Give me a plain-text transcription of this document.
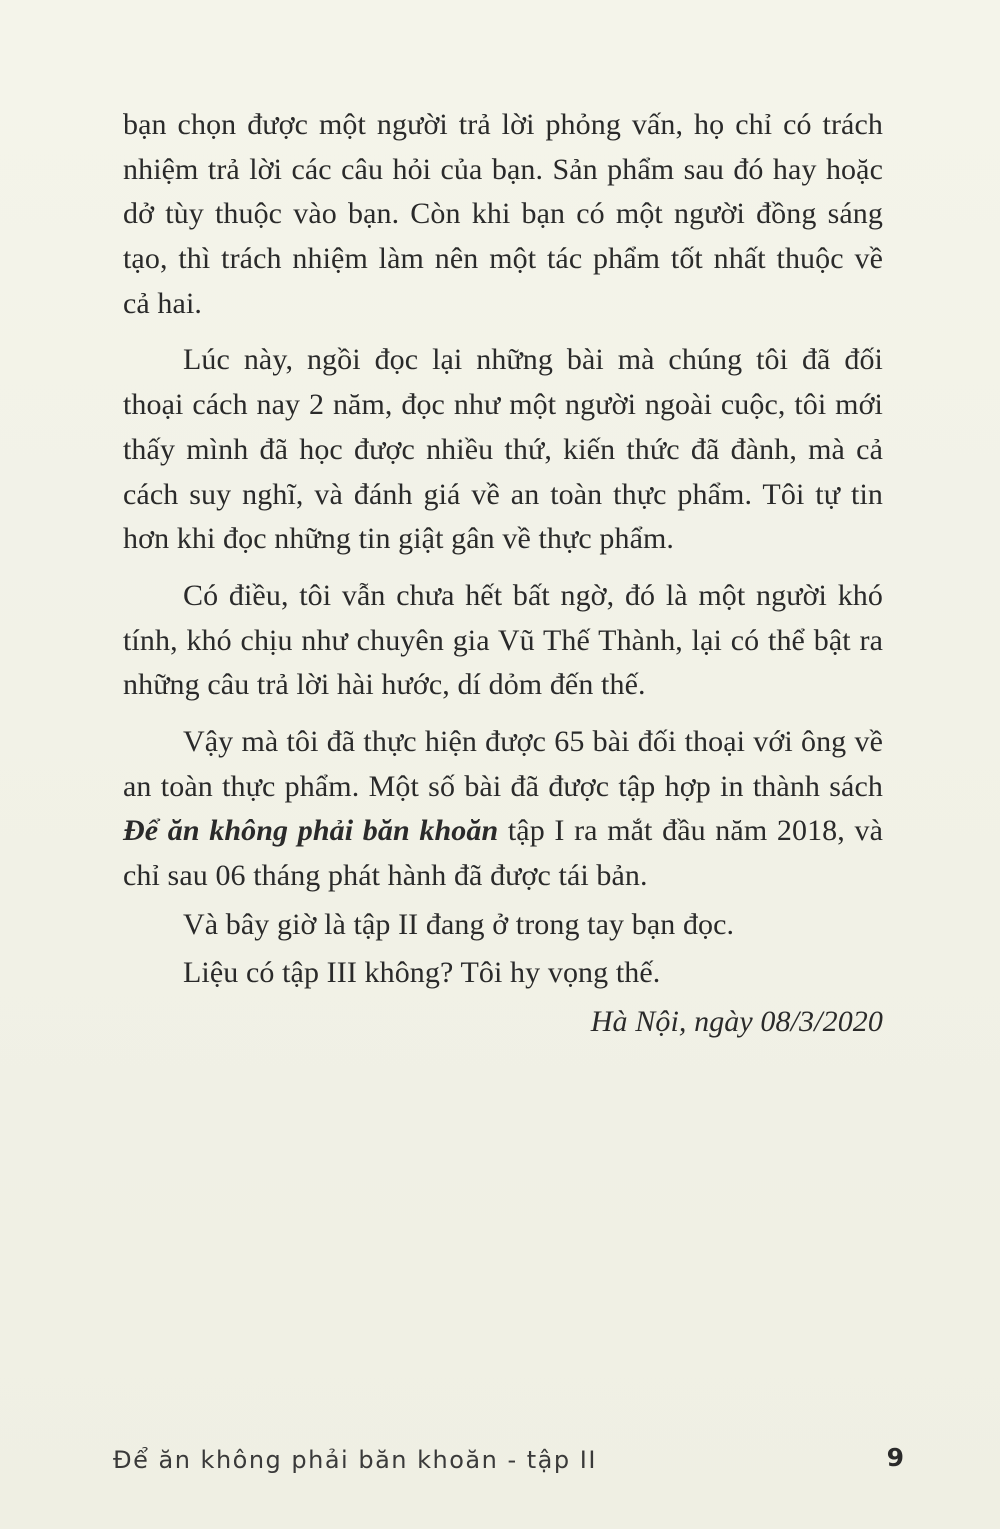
bạn chọn được một người trả lời phỏng vấn, họ chỉ có trách
nhiệm trả lời các câu hỏi của bạn. Sản phẩm sau đó hay hoặc
dở tùy thuộc vào bạn. Còn khi bạn có một người đồng sáng
tạo, thì trách nhiệm làm nên một tác phẩm tốt nhất thuộc về
cả hai.
Lúc này, ngồi đọc lại những bài mà chúng tôi đã đối
thoại cách nay 2 năm, đọc như một người ngoài cuộc, tôi mới
thấy mình đã học được nhiều thứ, kiến thức đã đành, mà cả
cách suy nghĩ, và đánh giá về an toàn thực phẩm. Tôi tự tin
hơn khi đọc những tin giật gân về thực phẩm.
Có điều, tôi vẫn chưa hết bất ngờ, đó là một người khó
tính, khó chịu như chuyên gia Vũ Thế Thành, lại có thể bật ra
những câu trả lời hài hước, dí dỏm đến thế.
Vậy mà tôi đã thực hiện được 65 bài đối thoại với ông về
an toàn thực phẩm. Một số bài đã được tập hợp in thành sách
Để ăn không phải băn khoăn tập I ra mắt đầu năm 2018, và
chỉ sau 06 tháng phát hành đã được tái bản.
Và bây giờ là tập II đang ở trong tay bạn đọc.
Liệu có tập III không? Tôi hy vọng thế.
Hà Nội, ngày 08/3/2020
Để ăn không phải băn khoăn - tập II	9
